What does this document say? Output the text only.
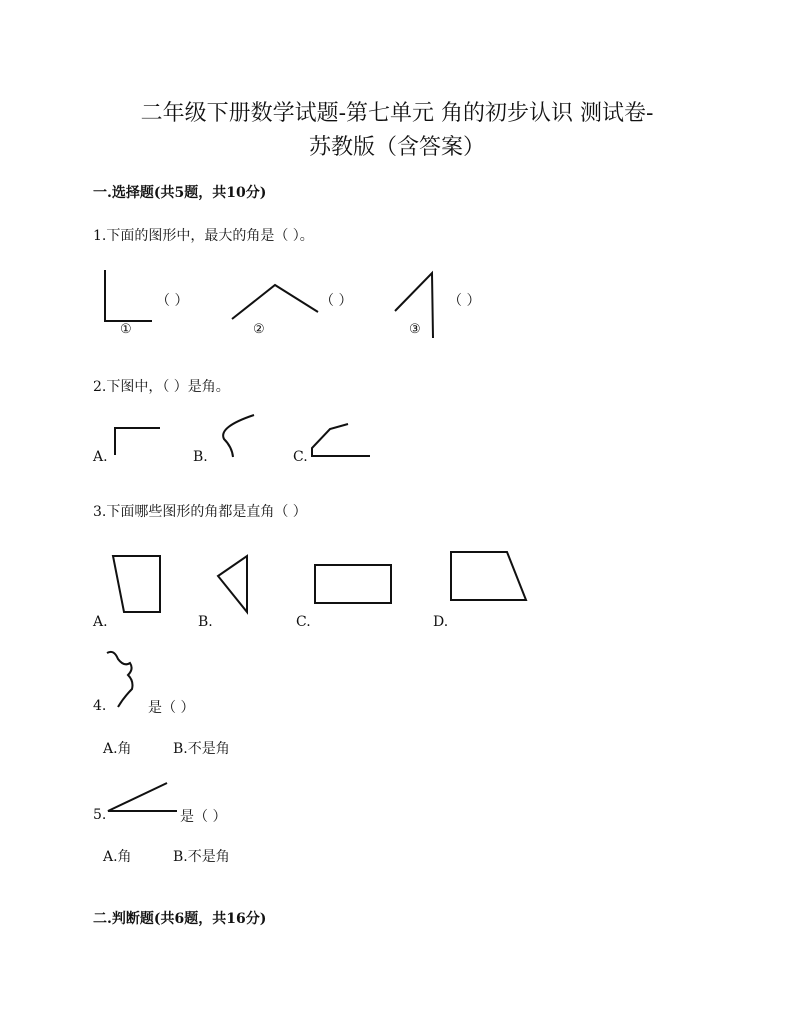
二年级下册数学试题-第七单元 角的初步认识 测试卷-
苏教版（含答案）
一.选择题(共5题，共10分)
1.下面的图形中，最大的角是（ ）。
（ ）	（ ）	（ ）
①	②	③
2.下图中，（ ）是角。
A.	B.	C.
3.下面哪些图形的角都是直角（ ）
A.	B.	C.	D.
4.	是（ ）
A.角	B.不是角
5.	是（ ）
A.角	B.不是角
二.判断题(共6题，共16分)
